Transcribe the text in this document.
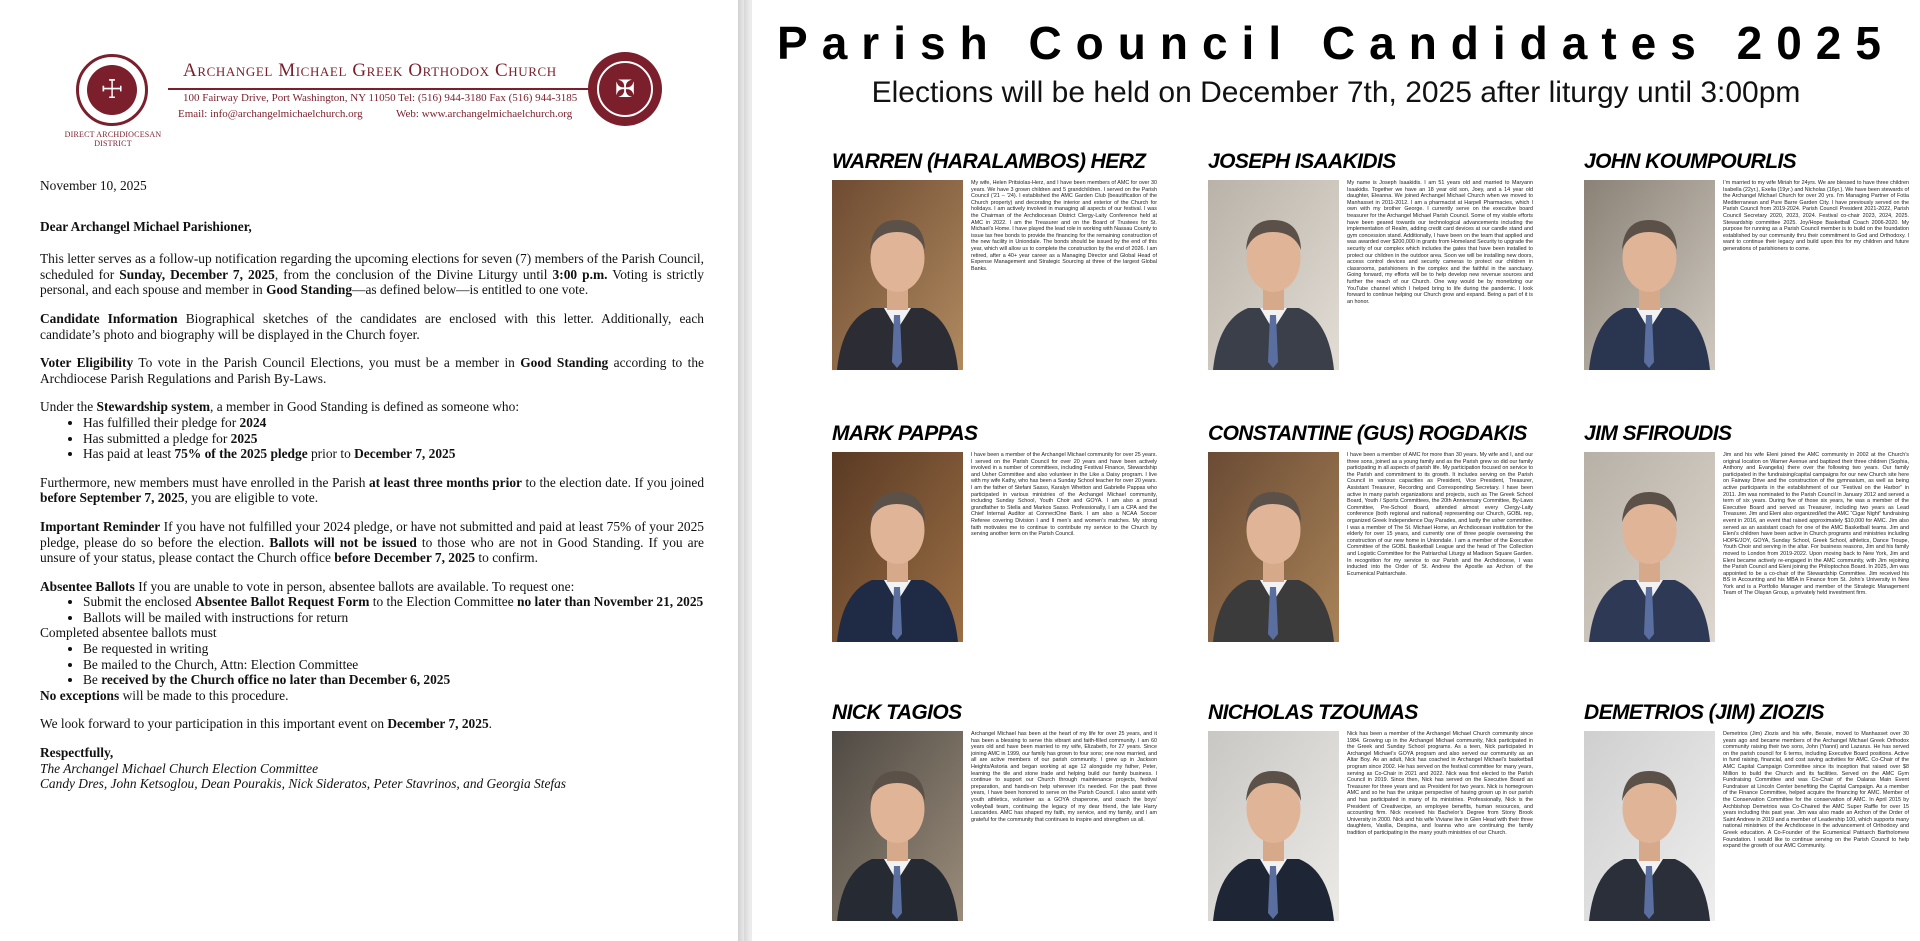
☩
DIRECT ARCHDIOCESAN DISTRICT
Archangel Michael Greek Orthodox Church
100 Fairway Drive, Port Washington, NY 11050 Tel: (516) 944-3180 Fax (516) 944-3185
Email: info@archangelmichaelchurch.org	Web: www.archangelmichaelchurch.org
✠

November 10, 2025

Dear Archangel Michael Parishioner,

This letter serves as a follow-up notification regarding the upcoming elections for seven (7) members of the Parish Council, scheduled for Sunday, December 7, 2025, from the conclusion of the Divine Liturgy until 3:00 p.m. Voting is strictly personal, and each spouse and member in Good Standing—as defined below—is entitled to one vote.

Candidate Information Biographical sketches of the candidates are enclosed with this letter. Additionally, each candidate’s photo and biography will be displayed in the Church foyer.

Voter Eligibility To vote in the Parish Council Elections, you must be a member in Good Standing according to the Archdiocese Parish Regulations and Parish By-Laws.

Under the Stewardship system, a member in Good Standing is defined as someone who:

• Has fulfilled their pledge for 2024
• Has submitted a pledge for 2025
• Has paid at least 75% of the 2025 pledge prior to December 7, 2025

Furthermore, new members must have enrolled in the Parish at least three months prior to the election date. If you joined before September 7, 2025, you are eligible to vote.

Important Reminder If you have not fulfilled your 2024 pledge, or have not submitted and paid at least 75% of your 2025 pledge, please do so before the election. Ballots will not be issued to those who are not in Good Standing. If you are unsure of your status, please contact the Church office before December 7, 2025 to confirm.

Absentee Ballots If you are unable to vote in person, absentee ballots are available. To request one:

• Submit the enclosed Absentee Ballot Request Form to the Election Committee no later than November 21, 2025
• Ballots will be mailed with instructions for return

Completed absentee ballots must

• Be requested in writing
• Be mailed to the Church, Attn: Election Committee
• Be received by the Church office no later than December 6, 2025

No exceptions will be made to this procedure.

We look forward to your participation in this important event on December 7, 2025.

Respectfully,

The Archangel Michael Church Election Committee

Candy Dres, John Ketsoglou, Dean Pourakis, Nick Sideratos, Peter Stavrinos, and Georgia Stefas

Parish Council Candidates 2025
Elections will be held on December 7th, 2025 after liturgy until 3:00pm
WARREN (HARALAMBOS) HERZ
My wife, Helen Pritsiolas-Herz, and I have been members of AMC for over 30 years. We have 3 grown children and 5 grandchildren. I served on the Parish Council (’21 – ’24). I established the AMC Garden Club (beautification of the Church property) and decorating the interior and exterior of the Church for holidays. I am actively involved in managing all aspects of our festival. I was the Chairman of the Archdiocesan District Clergy-Laity Conference held at AMC in 2022. I am the Treasurer and on the Board of Trustees for St. Michael’s Home. I have played the lead role in working with Nassau County to issue tax free bonds to provide the financing for the remaining construction of the new facility in Uniondale. The bonds should be issued by the end of this year, which will allow us to complete the construction by the end of 2026. I am retired, after a 40+ year career as a Managing Director and Global Head of Expense Management and Strategic Sourcing at three of the largest Global Banks.
JOSEPH ISAAKIDIS
My name is Joseph Isaakidis. I am 51 years old and married to Maryann Isaakidis. Together we have an 18 year old son, Joey, and a 14 year old daughter, Eleanna. We joined Archangel Michael Church when we moved to Manhasset in 2011-2012. I am a pharmacist at Harpell Pharmacies, which I own with my brother George. I currently serve on the executive board treasurer for the Archangel Michael Parish Council. Some of my visible efforts have been geared towards our technological advancements including the implementation of Realm, adding credit card devices at our candle stand and gym concession stand. Additionally, I have been on the team that applied and was awarded over $200,000 in grants from Homeland Security to upgrade the security of our complex which includes the gates that have been installed to protect our children in the outdoor area. Soon we will be installing new doors, access control devices and security cameras to protect our children in classrooms, parishioners in the complex and the faithful in the sanctuary. Going forward, my efforts will be to help develop new revenue sources and further the reach of our Church. One way would be by monetizing our YouTube channel which I helped bring to life during the pandemic. I look forward to continue helping our Church grow and expand. Being a part of it is an honor.
JOHN KOUMPOURLIS
I’m married to my wife Miriah for 24yrs. We are blessed to have three children Isabella (22yr.), Exelia (19yr.) and Nicholas (16yr.). We have been stewards of the Archangel Michael Church for over 20 yrs. I’m Managing Partner of Fotia Mediterranean and Pure Barre Garden City. I have previously served on the Parish Council from 2019-2024. Parish Council President 2021-2022, Parish Council Secretary 2020, 2023, 2024. Festival co-chair 2023, 2024, 2025. Stewardship committee 2025. Joy/Hope Basketball Coach 2006-2020. My purpose for running as a Parish Council member is to build on the foundation established by our community thru their commitment to God and Orthodoxy. I want to continue their legacy and build upon this for my children and future generations of parishioners to come.
MARK PAPPAS
I have been a member of the Archangel Michael community for over 25 years. I served on the Parish Council for over 20 years and have been actively involved in a number of committees, including Festival Finance, Stewardship and Usher Committee and also volunteer in the Like a Daisy program. I live with my wife Kathy, who has been a Sunday School teacher for over 20 years. I am the father of Stefani Sasso, Karalyn Whetton and Gabrielle Pappas who participated in various ministries of the Archangel Michael community, including Sunday School, Youth Choir and GOYA. I am also a proud grandfather to Stella and Markos Sasso. Professionally, I am a CPA and the Chief Internal Auditor at ConnectOne Bank. I am also a NCAA Soccer Referee covering Division I and II men’s and women’s matches. My strong faith motivates me to continue to contribute my service to the Church by serving another term on the Parish Council.
CONSTANTINE (GUS) ROGDAKIS
I have been a member of AMC for more than 30 years. My wife and I, and our three sons, joined as a young family and as the Parish grew so did our family participating in all aspects of parish life. My participation focused on service to the Parish and commitment to its growth. It includes serving on the Parish Council in various capacities as President, Vice President, Treasurer, Assistant Treasurer, Recording and Corresponding Secretary. I have been active in many parish organizations and projects, such as The Greek School Board, Youth / Sports Committees, the 20th Anniversary Committee, By-Laws Committee, Pre-School Board, attended almost every Clergy-Laity conference (both regional and national) representing our Church, GOBL rep, organized Greek Independence Day Parades, and lastly the usher committee. I was a member of The St. Michael Home, an Archdiocesan institution for the elderly for over 15 years, and currently one of three people overseeing the construction of our new home in Uniondale. I am a member of the Executive Committee of the GOBL Basketball League and the head of The Collection and Logistic Committee for the Patriarchal Liturgy at Madison Square Garden. In recognition for my service to our Parish and the Archdiocese, I was inducted into the Order of St. Andrew the Apostle as Archon of the Ecumenical Patriarchate.
JIM SFIROUDIS
Jim and his wife Eleni joined the AMC community in 2002 at the Church’s original location on Warner Avenue and baptized their three children (Sophia, Anthony and Evangelia) there over the following two years. Our family participated in the fundraising/capital campaigns for our new Church site here on Fairway Drive and the construction of the gymnasium, as well as being active participants in the establishment of our “Festival on the Harbor” in 2011. Jim was nominated to the Parish Council in January 2012 and served a term of six years. During five of those six years, he was a member of the Executive Board and served as Treasurer, including two years as Lead Treasurer. Jim and Eleni also organized/led the AMC “Cigar Night” fundraising event in 2016, an event that raised approximately $10,000 for AMC. Jim also served as an assistant coach for one of the AMC Basketball teams. Jim and Eleni’s children have been active in Church programs and ministries including HOPE/JOY, GOYA, Sunday School, Greek School, athletics, Dance Troupe, Youth Choir and serving in the altar. For business reasons, Jim and his family moved to London from 2019-2022. Upon moving back to New York, Jim and Eleni became actively re-engaged in the AMC community, with Jim rejoining the Parish Council and Eleni joining the Philoptochos Board. In 2025, Jim was appointed to be a co-chair of the Stewardship Committee. Jim received his BS in Accounting and his MBA in Finance from St. John’s University in New York and is a Portfolio Manager and member of the Strategic Management Team of The Olayan Group, a privately held investment firm.
NICK TAGIOS
Archangel Michael has been at the heart of my life for over 25 years, and it has been a blessing to serve this vibrant and faith-filled community. I am 60 years old and have been married to my wife, Elizabeth, for 27 years. Since joining AMC in 1999, our family has grown to four sons; one now married, and all are active members of our parish community. I grew up in Jackson Heights/Astoria and began working at age 12 alongside my father, Peter, learning the tile and stone trade and helping build our family business. I continue to support our Church through maintenance projects, festival preparation, and hands-on help wherever it’s needed. For the past three years, I have been honored to serve on the Parish Council. I also assist with youth athletics, volunteer as a GOYA chaperone, and coach the boys’ volleyball team, continuing the legacy of my dear friend, the late Harry Lascarides. AMC has shaped my faith, my service, and my family, and I am grateful for the community that continues to inspire and strengthen us all.
NICHOLAS TZOUMAS
Nick has been a member of the Archangel Michael Church community since 1984. Growing up in the Archangel Michael community, Nick participated in the Greek and Sunday School programs. As a teen, Nick participated in Archangel Michael’s GOYA program and also served our community as an Altar Boy. As an adult, Nick has coached in Archangel Michael’s basketball program since 2002. He has served on the festival committee for many years, serving as Co-Chair in 2021 and 2022. Nick was first elected to the Parish Council in 2019. Since then, Nick has served on the Executive Board as Treasurer for three years and as President for two years. Nick is homegrown AMC and so he has the unique perspective of having grown up in our parish and has participated in many of its ministries. Professionally, Nick is the President of Creativecipe, an employee benefits, human resources, and accounting firm. Nick received his Bachelor’s Degree from Stony Brook University in 2000. Nick and his wife Viviane live in Glen Head with their three daughters, Vasilia, Despina, and Ioanna who are continuing the family tradition of participating in the many youth ministries of our Church.
DEMETRIOS (JIM) ZIOZIS
Demetrios (Jim) Ziozis and his wife, Bessie, moved to Manhasset over 30 years ago and became members of the Archangel Michael Greek Orthodox community raising their two sons, John (Yianni) and Lazarus. He has served on the parish council for 6 terms, including Executive Board positions. Active in fund raising, financial, and cost saving activities for AMC. Co-Chair of the AMC Capital Campaign Committee since its inception that raised over $8 Million to build the Church and its facilities. Served on the AMC Gym Fundraising Committee and was Co-Chair of the Dalaras Main Event Fundraiser at Lincoln Center benefiting the Capital Campaign. As a member of the Finance Committee, helped acquire the financing for AMC. Member of the Conservation Committee for the conservation of AMC. In April 2015 by Archbishop Demetrios was Co-Chaired the AMC Super Raffle for over 15 years including this past year. Jim was also made an Archon of the Order of Saint Andrew in 2019 and a member of Leadership 100, which supports many national ministries of the Archdiocese in the advancement of Orthodoxy and Greek education. A Co-Founder of the Ecumenical Patriarch Bartholomew Foundation. I would like to continue serving on the Parish Council to help expand the growth of our AMC Community.
